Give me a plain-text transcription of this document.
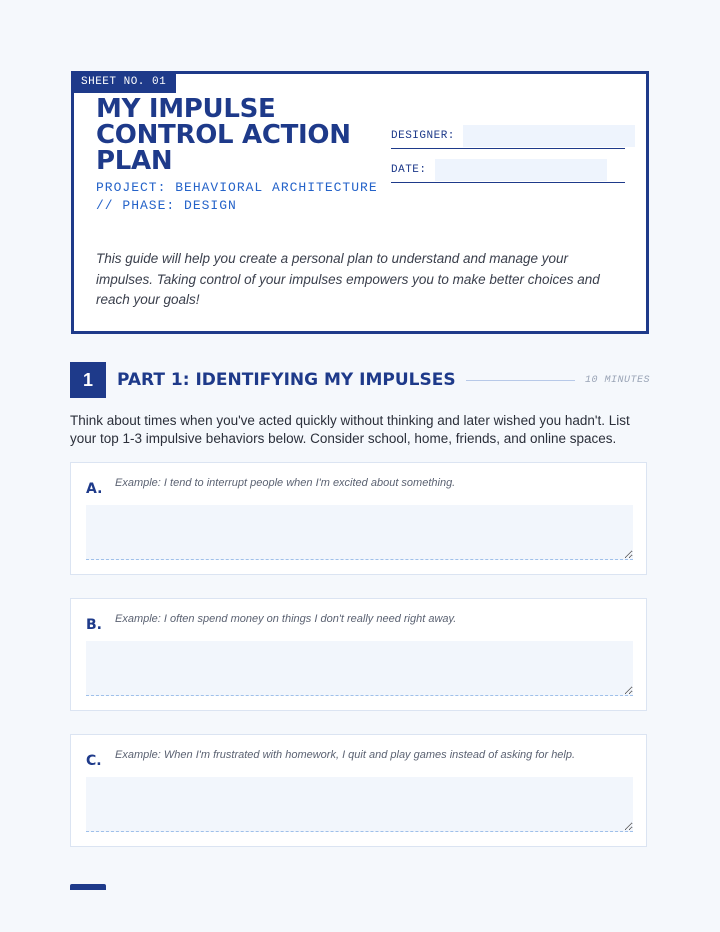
SHEET NO. 01
MY IMPULSE CONTROL ACTION PLAN
PROJECT: BEHAVIORAL ARCHITECTURE // PHASE: DESIGN
DESIGNER:
DATE:

This guide will help you create a personal plan to understand and manage your impulses. Taking control of your impulses empowers you to make better choices and reach your goals!

1	PART 1: IDENTIFYING MY IMPULSES	10 MINUTES

Think about times when you've acted quickly without thinking and later wished you hadn't. List your top 1-3 impulsive behaviors below. Consider school, home, friends, and online spaces.

A. Example: I tend to interrupt people when I'm excited about something.
B. Example: I often spend money on things I don't really need right away.
C. Example: When I'm frustrated with homework, I quit and play games instead of asking for help.
